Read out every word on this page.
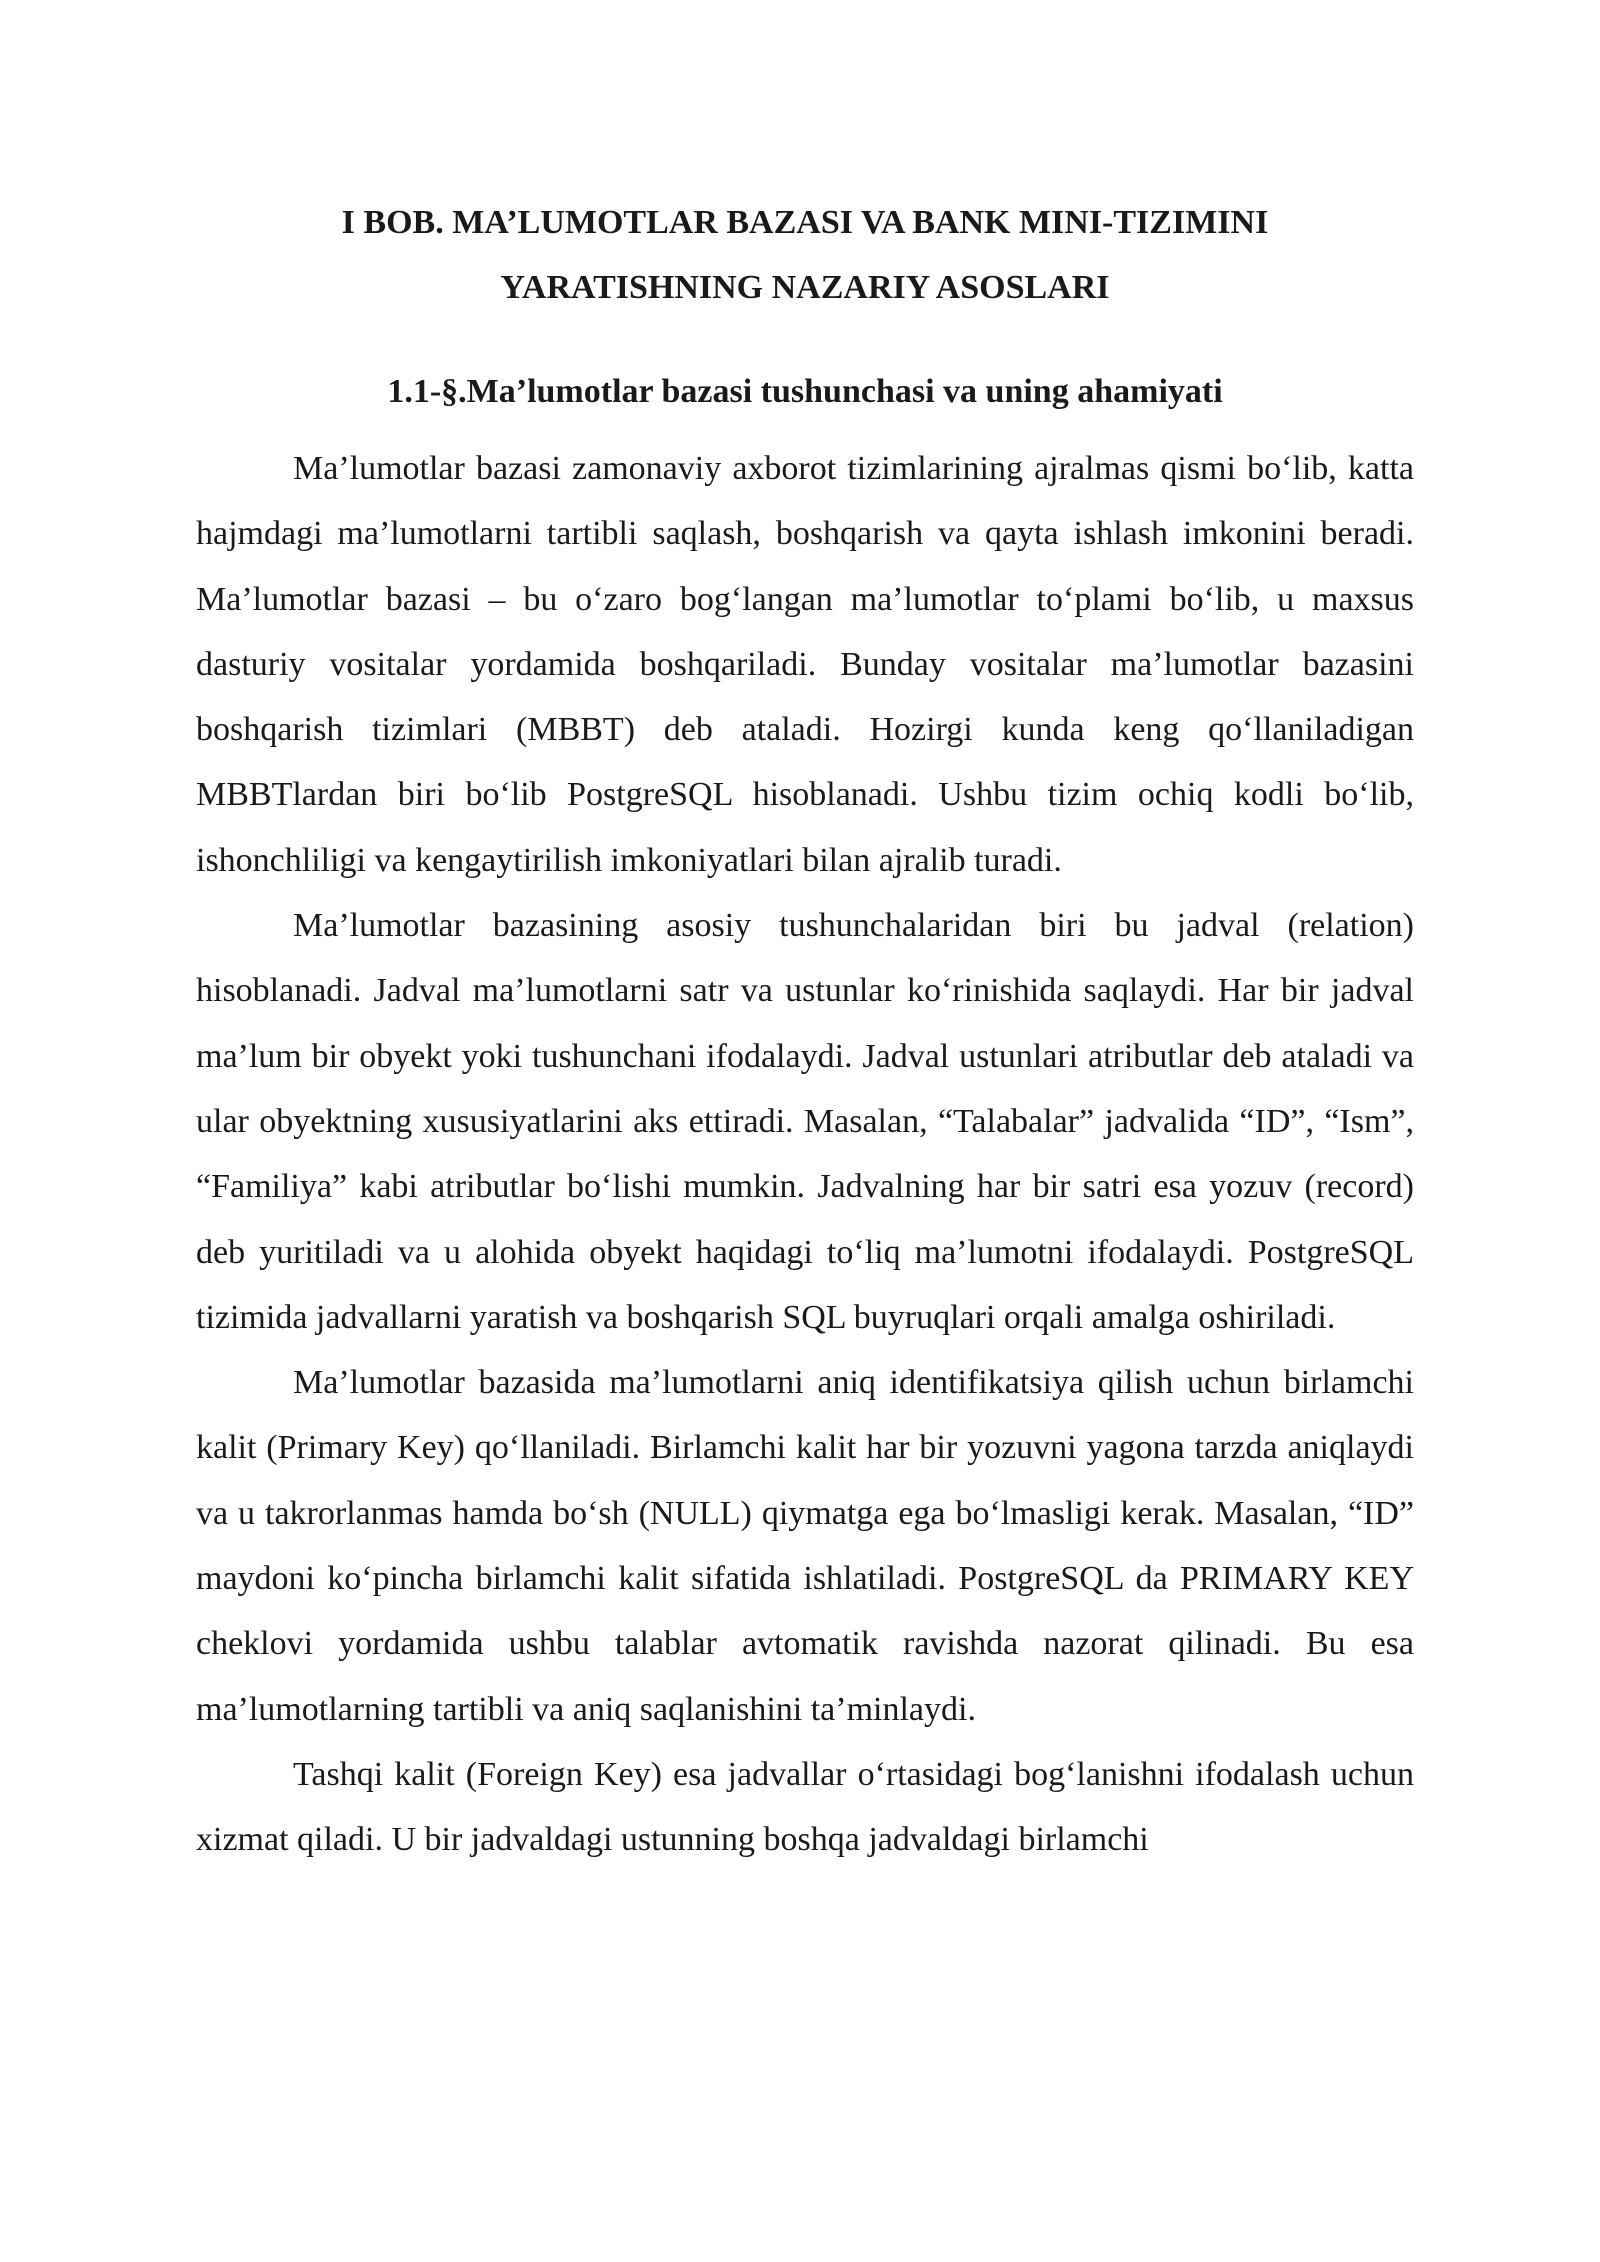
I BOB. MA’LUMOTLAR BAZASI VA BANK MINI-TIZIMINI
YARATISHNING NAZARIY ASOSLARI
1.1-§.Ma’lumotlar bazasi tushunchasi va uning ahamiyati

Ma’lumotlar bazasi zamonaviy axborot tizimlarining ajralmas qismi bo‘lib, katta hajmdagi ma’lumotlarni tartibli saqlash, boshqarish va qayta ishlash imkonini beradi. Ma’lumotlar bazasi – bu o‘zaro bog‘langan ma’lumotlar to‘plami bo‘lib, u maxsus dasturiy vositalar yordamida boshqariladi. Bunday vositalar ma’lumotlar bazasini boshqarish tizimlari (MBBT) deb ataladi. Hozirgi kunda keng qo‘llaniladigan MBBTlardan biri bo‘lib PostgreSQL hisoblanadi. Ushbu tizim ochiq kodli bo‘lib, ishonchliligi va kengaytirilish imkoniyatlari bilan ajralib turadi.

Ma’lumotlar bazasining asosiy tushunchalaridan biri bu jadval (relation) hisoblanadi. Jadval ma’lumotlarni satr va ustunlar ko‘rinishida saqlaydi. Har bir jadval ma’lum bir obyekt yoki tushunchani ifodalaydi. Jadval ustunlari atributlar deb ataladi va ular obyektning xususiyatlarini aks ettiradi. Masalan, “Talabalar” jadvalida “ID”, “Ism”, “Familiya” kabi atributlar bo‘lishi mumkin. Jadvalning har bir satri esa yozuv (record) deb yuritiladi va u alohida obyekt haqidagi to‘liq ma’lumotni ifodalaydi. PostgreSQL tizimida jadvallarni yaratish va boshqarish SQL buyruqlari orqali amalga oshiriladi.

Ma’lumotlar bazasida ma’lumotlarni aniq identifikatsiya qilish uchun birlamchi kalit (Primary Key) qo‘llaniladi. Birlamchi kalit har bir yozuvni yagona tarzda aniqlaydi va u takrorlanmas hamda bo‘sh (NULL) qiymatga ega bo‘lmasligi kerak. Masalan, “ID” maydoni ko‘pincha birlamchi kalit sifatida ishlatiladi. PostgreSQL da PRIMARY KEY cheklovi yordamida ushbu talablar avtomatik ravishda nazorat qilinadi. Bu esa ma’lumotlarning tartibli va aniq saqlanishini ta’minlaydi.

Tashqi kalit (Foreign Key) esa jadvallar o‘rtasidagi bog‘lanishni ifodalash uchun xizmat qiladi. U bir jadvaldagi ustunning boshqa jadvaldagi birlamchi
